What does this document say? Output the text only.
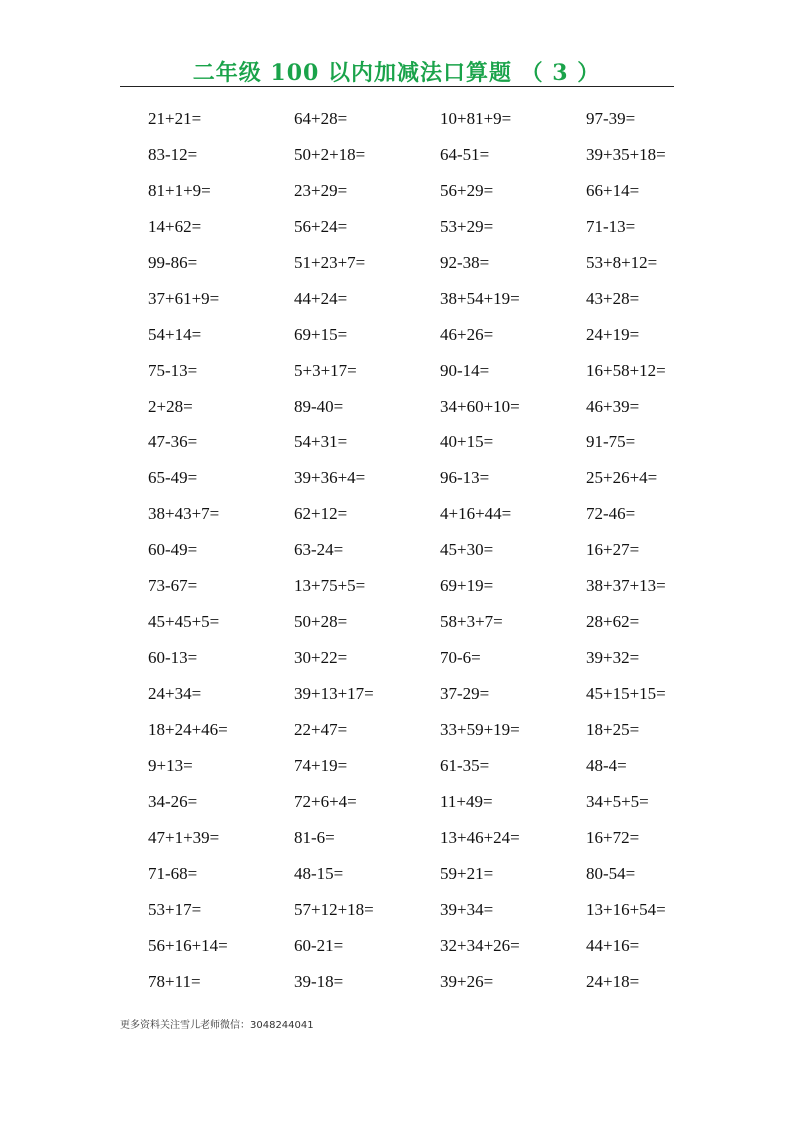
二年级 100 以内加减法口算题 （ 3 ）
21+21=	64+28=	10+81+9=	97-39=
83-12=	50+2+18=	64-51=	39+35+18=
81+1+9=	23+29=	56+29=	66+14=
14+62=	56+24=	53+29=	71-13=
99-86=	51+23+7=	92-38=	53+8+12=
37+61+9=	44+24=	38+54+19=	43+28=
54+14=	69+15=	46+26=	24+19=
75-13=	5+3+17=	90-14=	16+58+12=
2+28=	89-40=	34+60+10=	46+39=
47-36=	54+31=	40+15=	91-75=
65-49=	39+36+4=	96-13=	25+26+4=
38+43+7=	62+12=	4+16+44=	72-46=
60-49=	63-24=	45+30=	16+27=
73-67=	13+75+5=	69+19=	38+37+13=
45+45+5=	50+28=	58+3+7=	28+62=
60-13=	30+22=	70-6=	39+32=
24+34=	39+13+17=	37-29=	45+15+15=
18+24+46=	22+47=	33+59+19=	18+25=
9+13=	74+19=	61-35=	48-4=
34-26=	72+6+4=	11+49=	34+5+5=
47+1+39=	81-6=	13+46+24=	16+72=
71-68=	48-15=	59+21=	80-54=
53+17=	57+12+18=	39+34=	13+16+54=
56+16+14=	60-21=	32+34+26=	44+16=
78+11=	39-18=	39+26=	24+18=
更多资料关注雪儿老师微信：3048244041
